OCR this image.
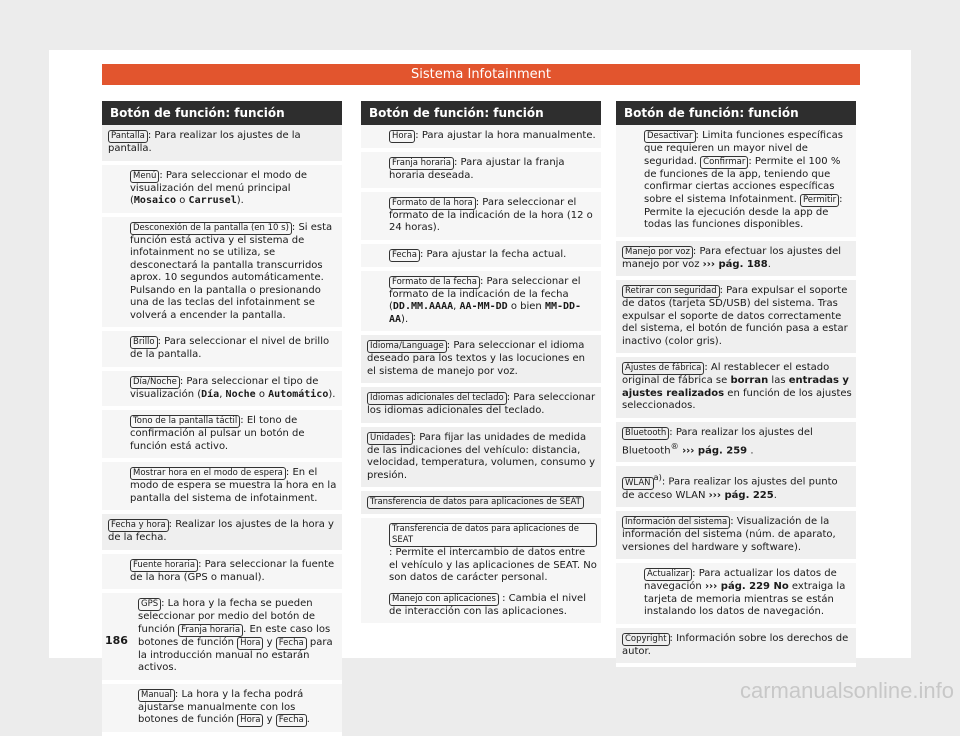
Sistema Infotainment
Botón de función: función
Pantalla : Para realizar los ajustes de la pantalla.
Menú : Para seleccionar el modo de visualización del menú principal (Mosaico o Carrusel).
Desconexión de la pantalla (en 10 s) : Si esta función está activa y el sistema de infotainment no se utiliza, se desconectará la pantalla transcurridos aprox. 10 segundos automáticamente. Pulsando en la pantalla o presionando una de las teclas del infotainment se volverá a encender la pantalla.
Brillo : Para seleccionar el nivel de brillo de la pantalla.
Día/Noche : Para seleccionar el tipo de visualización (Día, Noche o Automático).
Tono de la pantalla táctil : El tono de confirmación al pulsar un botón de función está activo.
Mostrar hora en el modo de espera : En el modo de espera se muestra la hora en la pantalla del sistema de infotainment.
Fecha y hora : Realizar los ajustes de la hora y de la fecha.
Fuente horaria : Para seleccionar la fuente de la hora (GPS o manual).
GPS : La hora y la fecha se pueden seleccionar por medio del botón de función Franja horaria . En este caso los botones de función Hora y Fecha para la introducción manual no estarán activos.
Manual : La hora y la fecha podrá ajustarse manualmente con los botones de función Hora y Fecha .
Botón de función: función
Hora : Para ajustar la hora manualmente.
Franja horaria : Para ajustar la franja horaria deseada.
Formato de la hora : Para seleccionar el formato de la indicación de la hora (12 o 24 horas).
Fecha : Para ajustar la fecha actual.
Formato de la fecha : Para seleccionar el formato de la indicación de la fecha (DD.MM.AAAA, AA-MM-DD o bien MM-DD-AA).
Idioma/Language : Para seleccionar el idioma deseado para los textos y las locuciones en el sistema de manejo por voz.
Idiomas adicionales del teclado : Para seleccionar los idiomas adicionales del teclado.
Unidades : Para fijar las unidades de medida de las indicaciones del vehículo: distancia, velocidad, temperatura, volumen, consumo y presión.
Transferencia de datos para aplicaciones de SEAT
Transferencia de datos para aplicaciones de SEAT: Permite el intercambio de datos entre el vehículo y las aplicaciones de SEAT. No son datos de carácter personal.
Manejo con aplicaciones : Cambia el nivel de interacción con las aplicaciones.
Botón de función: función
Desactivar : Limita funciones específicas que requieren un mayor nivel de seguridad. Confirmar : Permite el 100 % de funciones de la app, teniendo que confirmar ciertas acciones específicas sobre el sistema Infotainment. Permitir : Permite la ejecución desde la app de todas las funciones disponibles.
Manejo por voz : Para efectuar los ajustes del manejo por voz ››› pág. 188.
Retirar con seguridad : Para expulsar el soporte de datos (tarjeta SD/USB) del sistema. Tras expulsar el soporte de datos correctamente del sistema, el botón de función pasa a estar inactivo (color gris).
Ajustes de fábrica : Al restablecer el estado original de fábrica se borran las entradas y ajustes realizados en función de los ajustes seleccionados.
Bluetooth : Para realizar los ajustes del Bluetooth® ››› pág. 259 .
WLAN$^{a)}$: Para realizar los ajustes del punto de acceso WLAN ››› pág. 225.
Información del sistema : Visualización de la información del sistema (núm. de aparato, versiones del hardware y software).
Actualizar : Para actualizar los datos de navegación ››› pág. 229 No extraiga la tarjeta de memoria mientras se están instalando los datos de navegación.
Copyright : Información sobre los derechos de autor.
186
carmanualsonline.info
